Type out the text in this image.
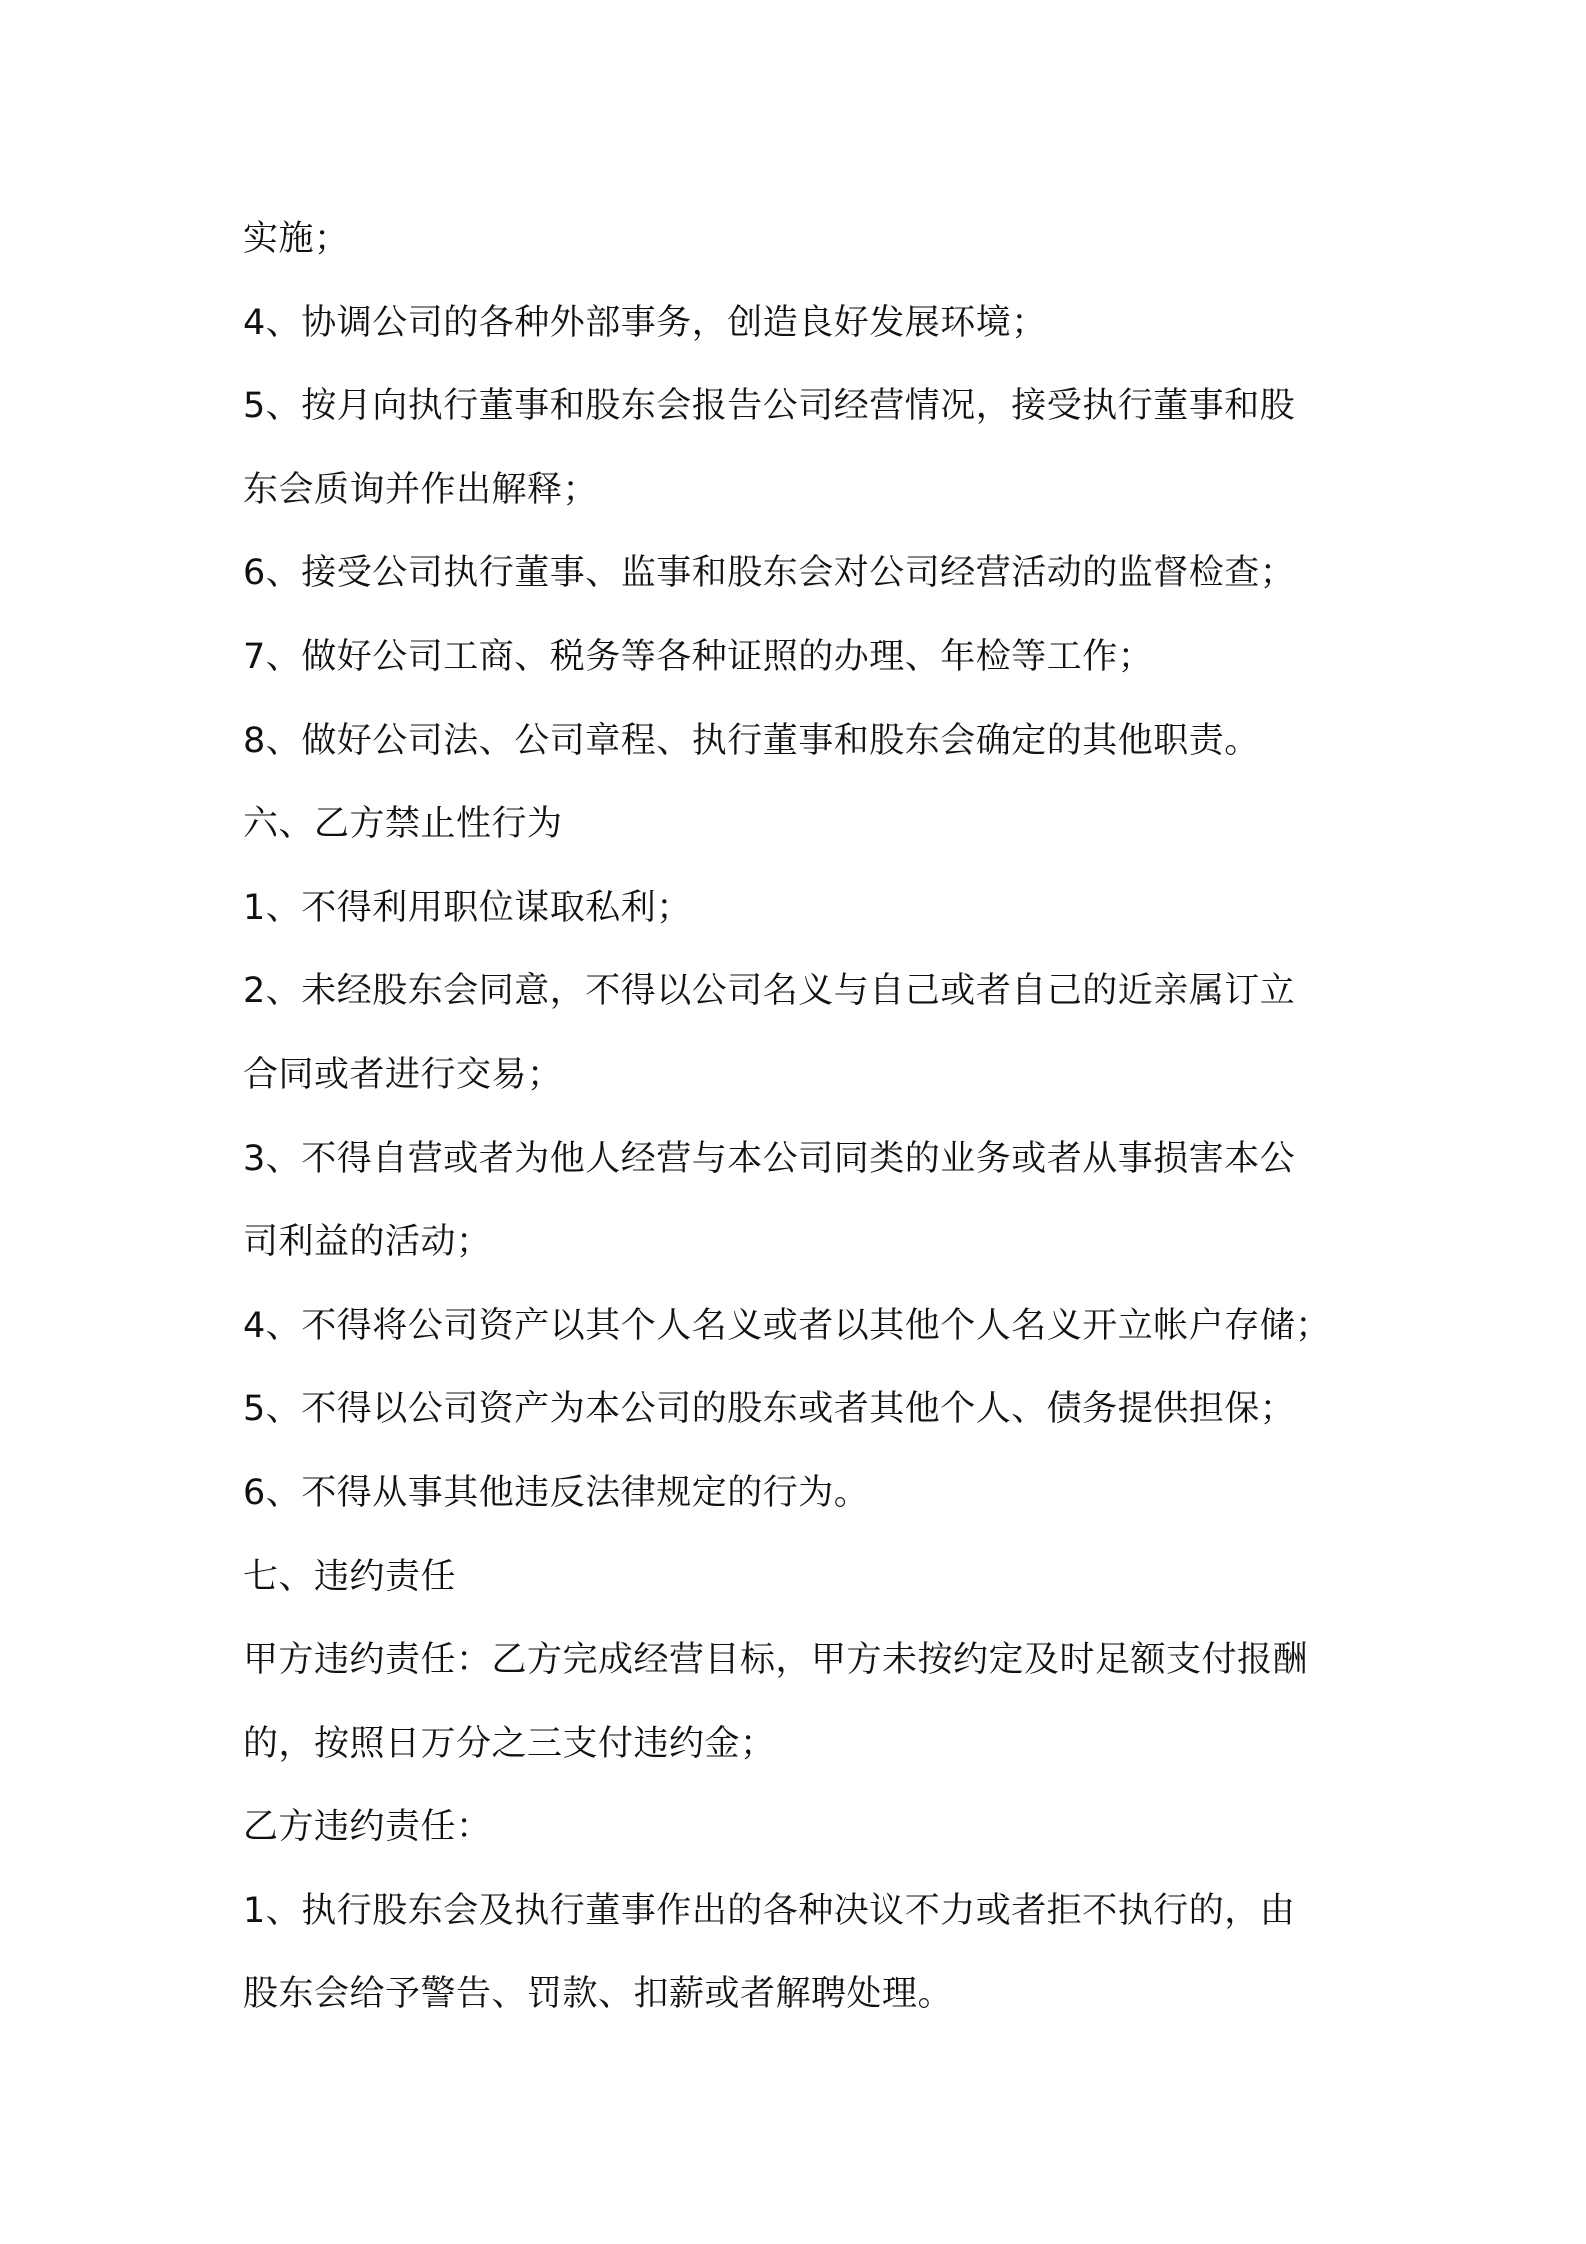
实施；
4、协调公司的各种外部事务，创造良好发展环境；
5、按月向执行董事和股东会报告公司经营情况，接受执行董事和股
东会质询并作出解释；
6、接受公司执行董事、监事和股东会对公司经营活动的监督检查；
7、做好公司工商、税务等各种证照的办理、年检等工作；
8、做好公司法、公司章程、执行董事和股东会确定的其他职责。
六、乙方禁止性行为
1、不得利用职位谋取私利；
2、未经股东会同意，不得以公司名义与自己或者自己的近亲属订立
合同或者进行交易；
3、不得自营或者为他人经营与本公司同类的业务或者从事损害本公
司利益的活动；
4、不得将公司资产以其个人名义或者以其他个人名义开立帐户存储；
5、不得以公司资产为本公司的股东或者其他个人、债务提供担保；
6、不得从事其他违反法律规定的行为。
七、违约责任
甲方违约责任：乙方完成经营目标，甲方未按约定及时足额支付报酬
的，按照日万分之三支付违约金；
乙方违约责任：
1、执行股东会及执行董事作出的各种决议不力或者拒不执行的，由
股东会给予警告、罚款、扣薪或者解聘处理。
